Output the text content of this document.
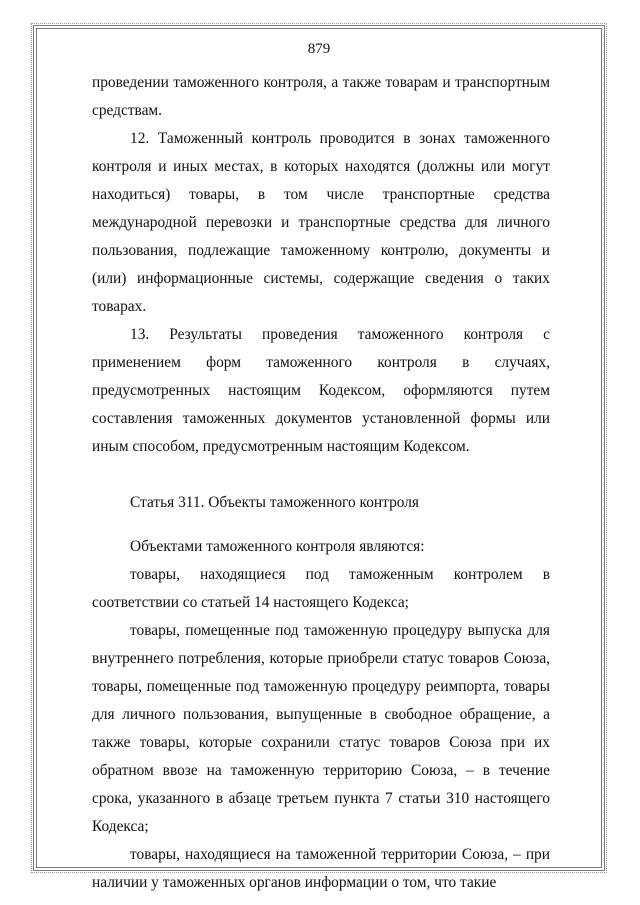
879

проведении таможенного контроля, а также товарам и транспортным средствам.

12. Таможенный контроль проводится в зонах таможенного контроля и иных местах, в которых находятся (должны или могут находиться) товары, в том числе транспортные средства международной перевозки и транспортные средства для личного пользования, подлежащие таможенному контролю, документы и (или) информационные системы, содержащие сведения о таких товарах.

13. Результаты проведения таможенного контроля с применением форм таможенного контроля в случаях, предусмотренных настоящим Кодексом, оформляются путем составления таможенных документов установленной формы или иным способом, предусмотренным настоящим Кодексом.

Статья 311. Объекты таможенного контроля

Объектами таможенного контроля являются:

товары, находящиеся под таможенным контролем в соответствии со статьей 14 настоящего Кодекса;

товары, помещенные под таможенную процедуру выпуска для внутреннего потребления, которые приобрели статус товаров Союза, товары, помещенные под таможенную процедуру реимпорта, товары для личного пользования, выпущенные в свободное обращение, а также товары, которые сохранили статус товаров Союза при их обратном ввозе на таможенную территорию Союза, – в течение срока, указанного в абзаце третьем пункта 7 статьи 310 настоящего Кодекса;

товары, находящиеся на таможенной территории Союза, – при наличии у таможенных органов информации о том, что такие
